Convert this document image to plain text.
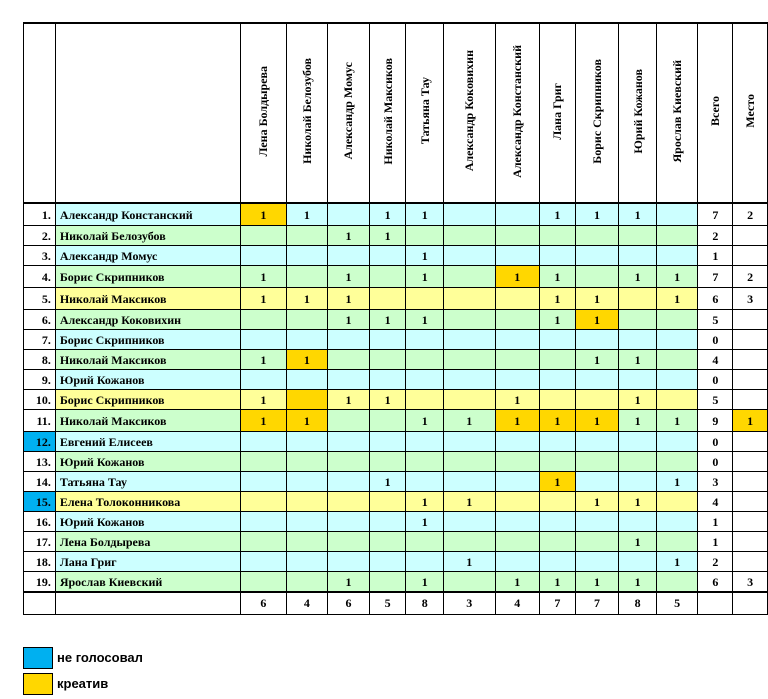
		Лена Болдырева	Николай Белозубов	Александр Момус	Николай Максиков	Татьяна Тау	Александр Коковихин	Александр Констанский	Лана Григ	Борис Скрипников	Юрий Кожанов	Ярослав Киевский	Всего	Место
1.	Александр Констанский	1	1		1	1			1	1	1		7	2
2.	Николай Белозубов			1	1								2	
3.	Александр Момус					1							1	
4.	Борис Скрипников	1		1		1		1	1		1	1	7	2
5.	Николай Максиков	1	1	1					1	1		1	6	3
6.	Александр Коковихин			1	1	1			1	1			5	
7.	Борис Скрипников												0	
8.	Николай Максиков	1	1							1	1		4	
9.	Юрий Кожанов												0	
10.	Борис Скрипников	1		1	1			1			1		5	
11.	Николай Максиков	1	1			1	1	1	1	1	1	1	9	1
12.	Евгений Елисеев												0	
13.	Юрий Кожанов												0	
14.	Татьяна Тау				1				1			1	3	
15.	Елена Толоконникова					1	1			1	1		4	
16.	Юрий Кожанов					1							1	
17.	Лена Болдырева										1		1	
18.	Лана Григ						1					1	2	
19.	Ярослав Киевский			1		1		1	1	1	1		6	3
		6	4	6	5	8	3	4	7	7	8	5		
не голосовал
креатив
